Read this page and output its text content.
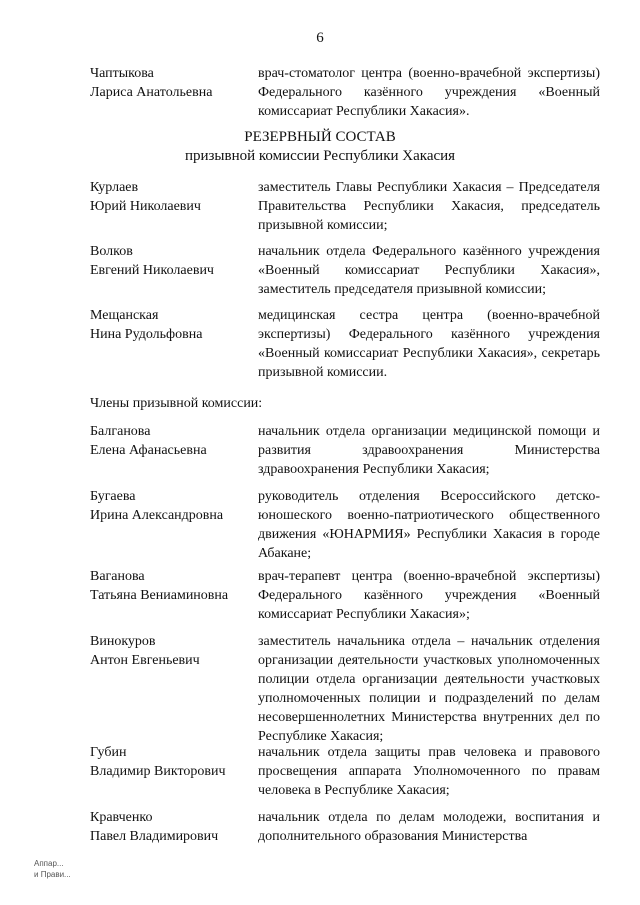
6
Чаптыкова
Лариса Анатольевна
врач-стоматолог центра (военно-врачебной экспертизы) Федерального казённого учреждения «Военный комиссариат Республики Хакасия».
РЕЗЕРВНЫЙ СОСТАВ
призывной комиссии Республики Хакасия
Курлаев
Юрий Николаевич
заместитель Главы Республики Хакасия – Председателя Правительства Республики Хакасия, председатель призывной комиссии;
Волков
Евгений Николаевич
начальник отдела Федерального казённого учреждения «Военный комиссариат Республики Хакасия», заместитель председателя призывной комиссии;
Мещанская
Нина Рудольфовна
медицинская сестра центра (военно-врачебной экспертизы) Федерального казённого учреждения «Военный комиссариат Республики Хакасия», секретарь призывной комиссии.
Члены призывной комиссии:
Балганова
Елена Афанасьевна
начальник отдела организации медицинской помощи и развития здравоохранения Министерства здравоохранения Республики Хакасия;
Бугаева
Ирина Александровна
руководитель отделения Всероссийского детско-юношеского военно-патриотического общественного движения «ЮНАРМИЯ» Республики Хакасия в городе Абакане;
Ваганова
Татьяна Вениаминовна
врач-терапевт центра (военно-врачебной экспертизы) Федерального казённого учреждения «Военный комиссариат Республики Хакасия»;
Винокуров
Антон Евгеньевич
заместитель начальника отдела – начальник отделения организации деятельности участковых уполномоченных полиции отдела организации деятельности участковых уполномоченных полиции и подразделений по делам несовершеннолетних Министерства внутренних дел по Республике Хакасия;
Губин
Владимир Викторович
начальник отдела защиты прав человека и правового просвещения аппарата Уполномоченного по правам человека в Республике Хакасия;
Кравченко
Павел Владимирович
начальник отдела по делам молодежи, воспитания и дополнительного образования Министерства
Аппар...
и Прави...
